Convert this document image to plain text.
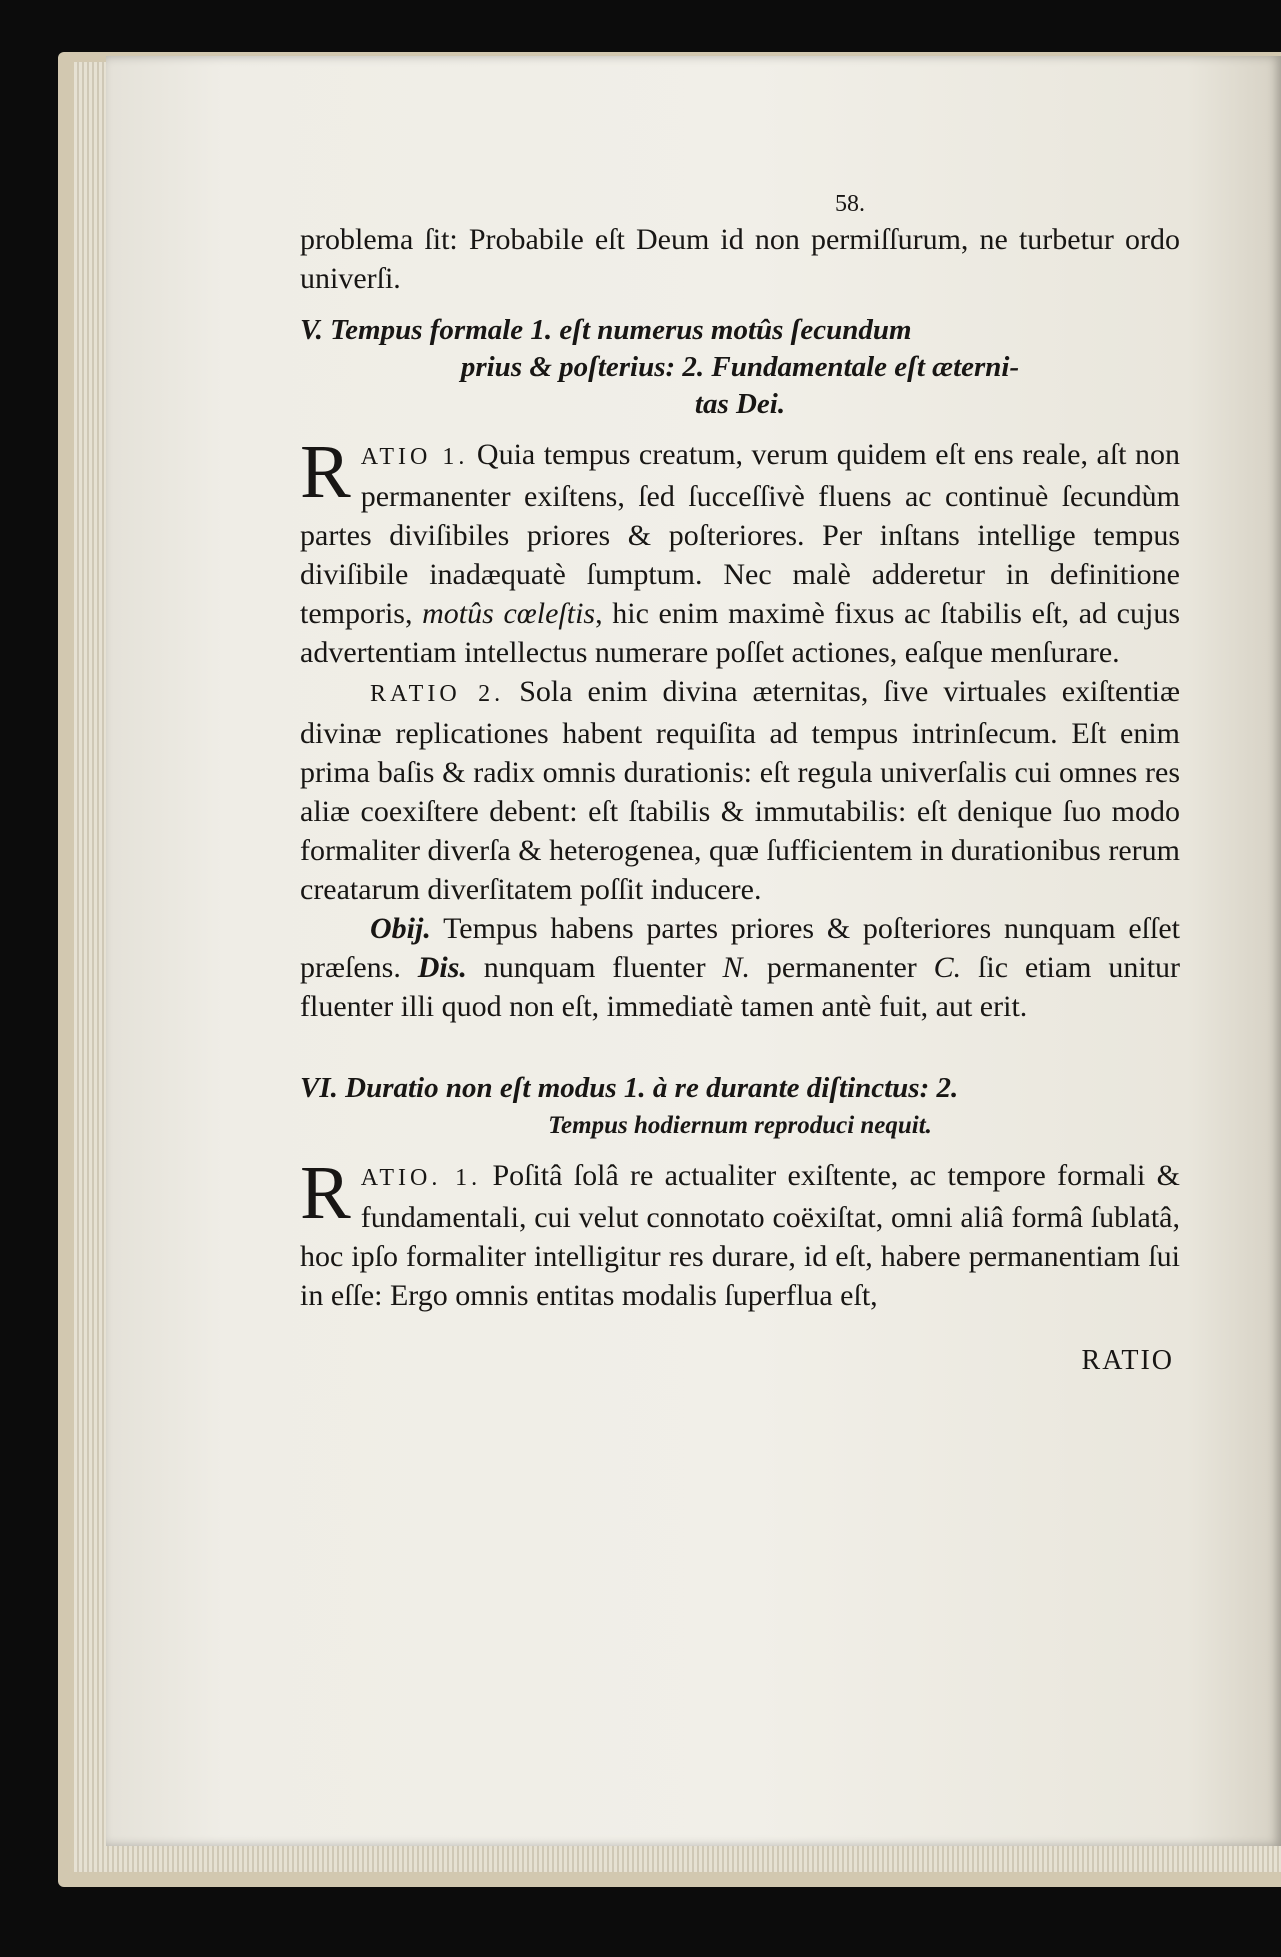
58.

problema ſit: Probabile eſt Deum id non permiſſurum, ne turbetur ordo univerſi.

V. Tempus formale 1. eſt numerus motûs ſecundum
prius & poſterius: 2. Fundamentale eſt æterni-
tas Dei.

RATIO 1. Quia tempus creatum, verum quidem eſt ens reale, aſt non permanenter exiſtens, ſed ſucceſſivè fluens ac continuè ſecundùm partes diviſibiles priores & poſteriores. Per inſtans intellige tempus diviſibile inadæquatè ſumptum. Nec malè adderetur in definitione temporis, motûs cœleſtis, hic enim maximè fixus ac ſtabilis eſt, ad cujus advertentiam intellectus numerare poſſet actiones, eaſque menſurare.

RATIO 2. Sola enim divina æternitas, ſive virtuales exiſtentiæ divinæ replicationes habent requiſita ad tempus intrinſecum. Eſt enim prima baſis & radix omnis durationis: eſt regula univerſalis cui omnes res aliæ coexiſtere debent: eſt ſtabilis & immutabilis: eſt denique ſuo modo formaliter diverſa & heterogenea, quæ ſufficientem in durationibus rerum creatarum diverſitatem poſſit inducere.

Obij. Tempus habens partes priores & poſteriores nunquam eſſet præſens. Dis. nunquam fluenter N. permanenter C. ſic etiam unitur fluenter illi quod non eſt, immediatè tamen antè fuit, aut erit.

VI. Duratio non eſt modus 1. à re durante diſtinctus: 2.
Tempus hodiernum reproduci nequit.

RATIO. 1. Poſitâ ſolâ re actualiter exiſtente, ac tempore formali & fundamentali, cui velut connotato coëxiſtat, omni aliâ formâ ſublatâ, hoc ipſo formaliter intelligitur res durare, id eſt, habere permanentiam ſui in eſſe: Ergo omnis entitas modalis ſuperflua eſt,

RATIO
